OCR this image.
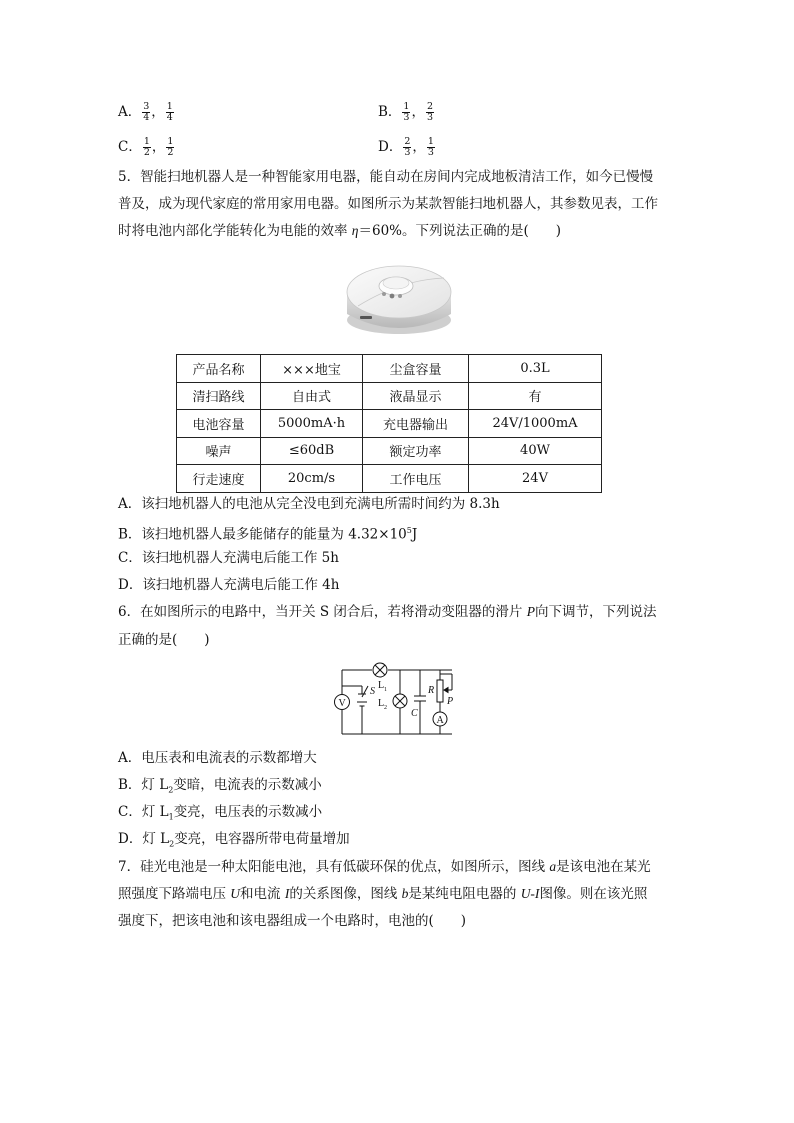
A． $\frac{3}{4}$ ， $\frac{1}{4}$	B． $\frac{1}{3}$ ， $\frac{2}{3}$
C． $\frac{1}{2}$ ， $\frac{1}{2}$	D． $\frac{2}{3}$ ， $\frac{1}{3}$
5．智能扫地机器人是一种智能家用电器，能自动在房间内完成地板清洁工作，如今已慢慢
普及，成为现代家庭的常用家用电器。如图所示为某款智能扫地机器人，其参数见表，工作
时将电池内部化学能转化为电能的效率 η＝60%。下列说法正确的是(　　)
产品名称	×××地宝	尘盒容量	0.3L
清扫路线	自由式	液晶显示	有
电池容量	5000mA·h	充电器输出	24V/1000mA
噪声	≤60dB	额定功率	40W
行走速度	20cm/s	工作电压	24V
A．该扫地机器人的电池从完全没电到充满电所需时间约为 8.3h
B．该扫地机器人最多能储存的能量为 $4.32\times 10^5J$
C．该扫地机器人充满电后能工作 5h
D．该扫地机器人充满电后能工作 4h
6．在如图所示的电路中，当开关 S 闭合后，若将滑动变阻器的滑片 P向下调节，下列说法
正确的是(　　)
V
S
L 1
L 2 C
A
R
P
A．电压表和电流表的示数都增大
B．灯 $L_2$变暗，电流表的示数减小
C．灯 $L_1$变亮，电压表的示数减小
D．灯 $L_2$变亮，电容器所带电荷量增加
7．硅光电池是一种太阳能电池，具有低碳环保的优点，如图所示，图线 a是该电池在某光
照强度下路端电压 U和电流 I的关系图像，图线 b是某纯电阻电器的 U-I图像。则在该光照
强度下，把该电池和该电器组成一个电路时，电池的(　　)
